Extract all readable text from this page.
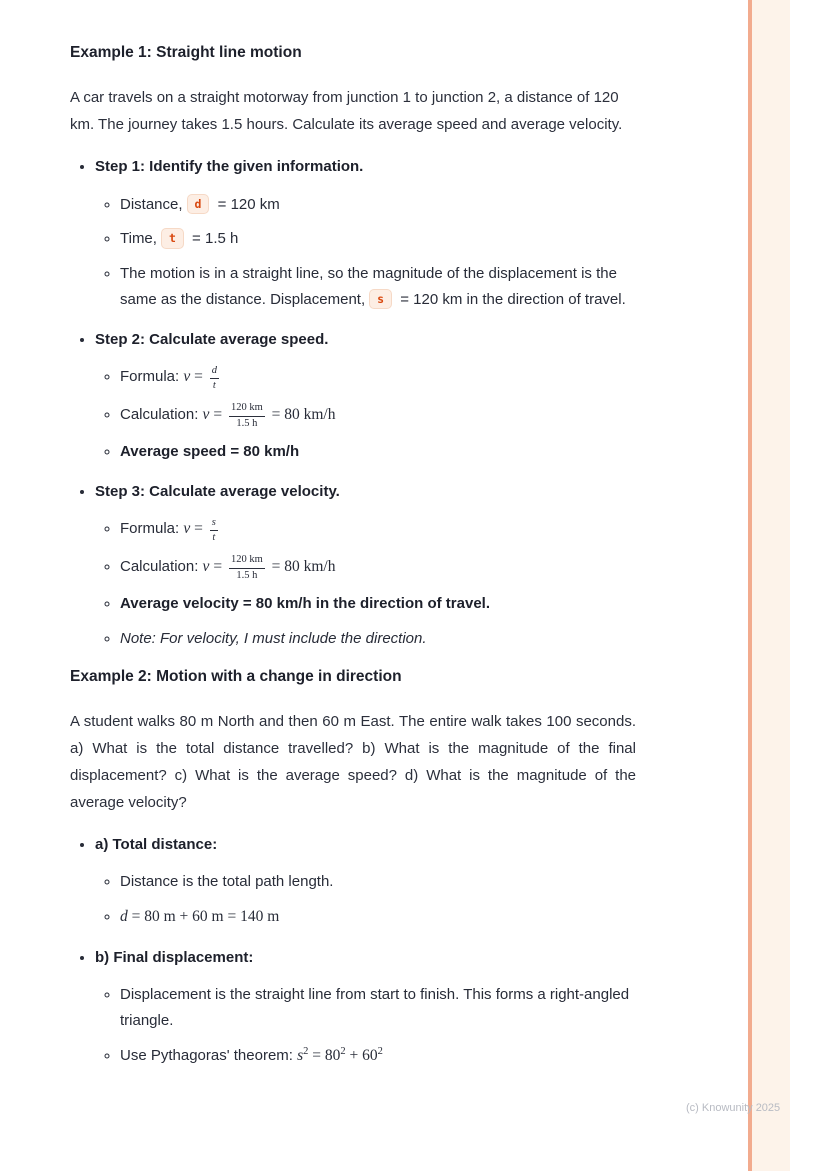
Example 1: Straight line motion

A car travels on a straight motorway from junction 1 to junction 2, a distance of 120 km. The journey takes 1.5 hours. Calculate its average speed and average velocity.

• Step 1: Identify the given information.
◦ Distance, d = 120 km
◦ Time, t = 1.5 h
◦ The motion is in a straight line, so the magnitude of the displacement is the same as the distance. Displacement, s = 120 km in the direction of travel.
• Step 2: Calculate average speed.
◦ Formula: $v = \frac{d}{t}$
◦ Calculation: $v = \frac{120 km}{1.5 h} = 80$ km/h
◦ Average speed = 80 km/h
• Step 3: Calculate average velocity.
◦ Formula: $v = \frac{s}{t}$
◦ Calculation: $v = \frac{120 km}{1.5 h} = 80$ km/h
◦ Average velocity = 80 km/h in the direction of travel.
◦ Note: For velocity, I must include the direction.
Example 2: Motion with a change in direction

A student walks 80 m North and then 60 m East. The entire walk takes 100 seconds. a) What is the total distance travelled? b) What is the magnitude of the final displacement? c) What is the average speed? d) What is the magnitude of the average velocity?

• a) Total distance:
◦ Distance is the total path length.
◦ d = 80 m + 60 m = 140 m
• b) Final displacement:
◦ Displacement is the straight line from start to finish. This forms a right-angled triangle.
◦ Use Pythagoras' theorem: $s^2 = 80^2 + 60^2$
(c) Knowunity 2025
